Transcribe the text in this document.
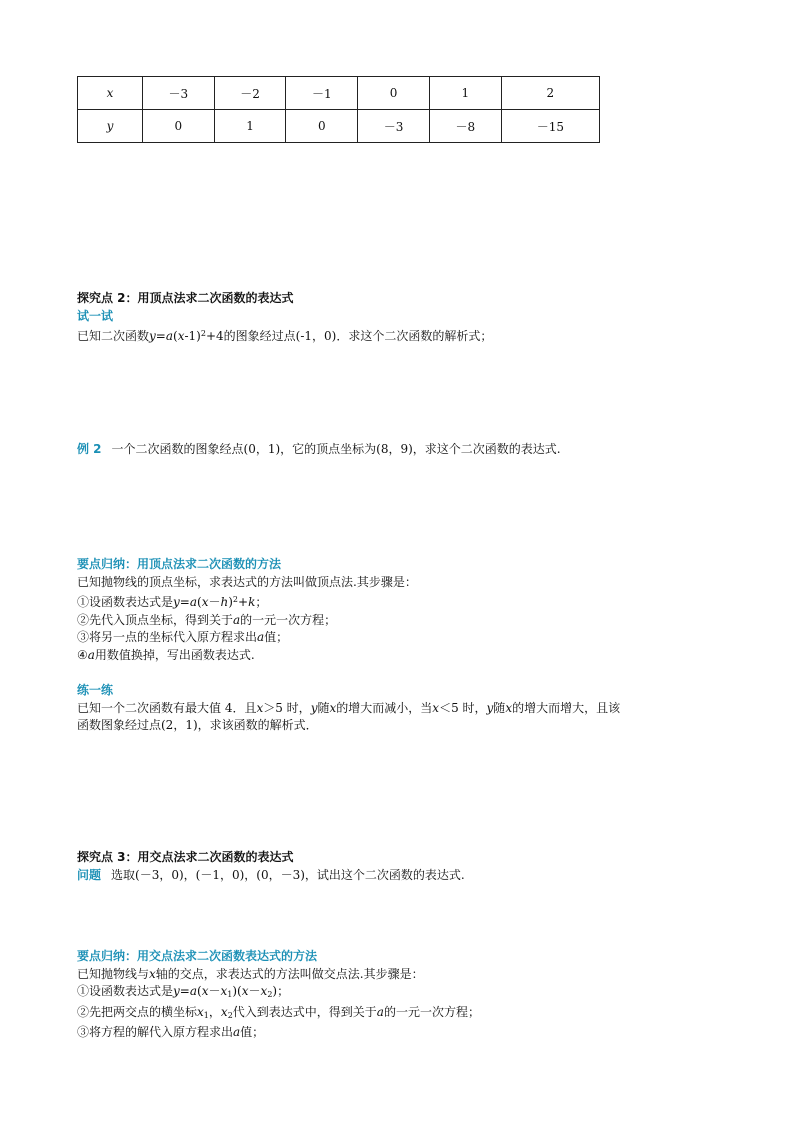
x	－3	－2	－1	0	1	2
y	0	1	0	－3	－8	－15
探究点 2：用顶点法求二次函数的表达式
试一试
已知二次函数$y=a(x-1)^2+4$的图象经过点(-1，0)．求这个二次函数的解析式；
例 2 一个二次函数的图象经点(0，1)，它的顶点坐标为(8，9)，求这个二次函数的表达式.
要点归纳：用顶点法求二次函数的方法
已知抛物线的顶点坐标，求表达式的方法叫做顶点法.其步骤是：
①设函数表达式是$y=a(x-h)^2+k$；
②先代入顶点坐标，得到关于a的一元一次方程；
③将另一点的坐标代入原方程求出a值；
④a用数值换掉，写出函数表达式.
练一练
已知一个二次函数有最大值 4．且x＞5 时，y随x的增大而减小，当x＜5 时，y随x的增大而增大，且该
函数图象经过点(2，1)，求该函数的解析式．
探究点 3：用交点法求二次函数的表达式
问题 选取(－3，0)，(－1，0)，(0，－3)，试出这个二次函数的表达式.
要点归纳：用交点法求二次函数表达式的方法
已知抛物线与x轴的交点，求表达式的方法叫做交点法.其步骤是：
①设函数表达式是$y=a(x-x_1)(x-x_2)$；
②先把两交点的横坐标$x_1$，$x_2$代入到表达式中，得到关于a的一元一次方程；
③将方程的解代入原方程求出a值；
